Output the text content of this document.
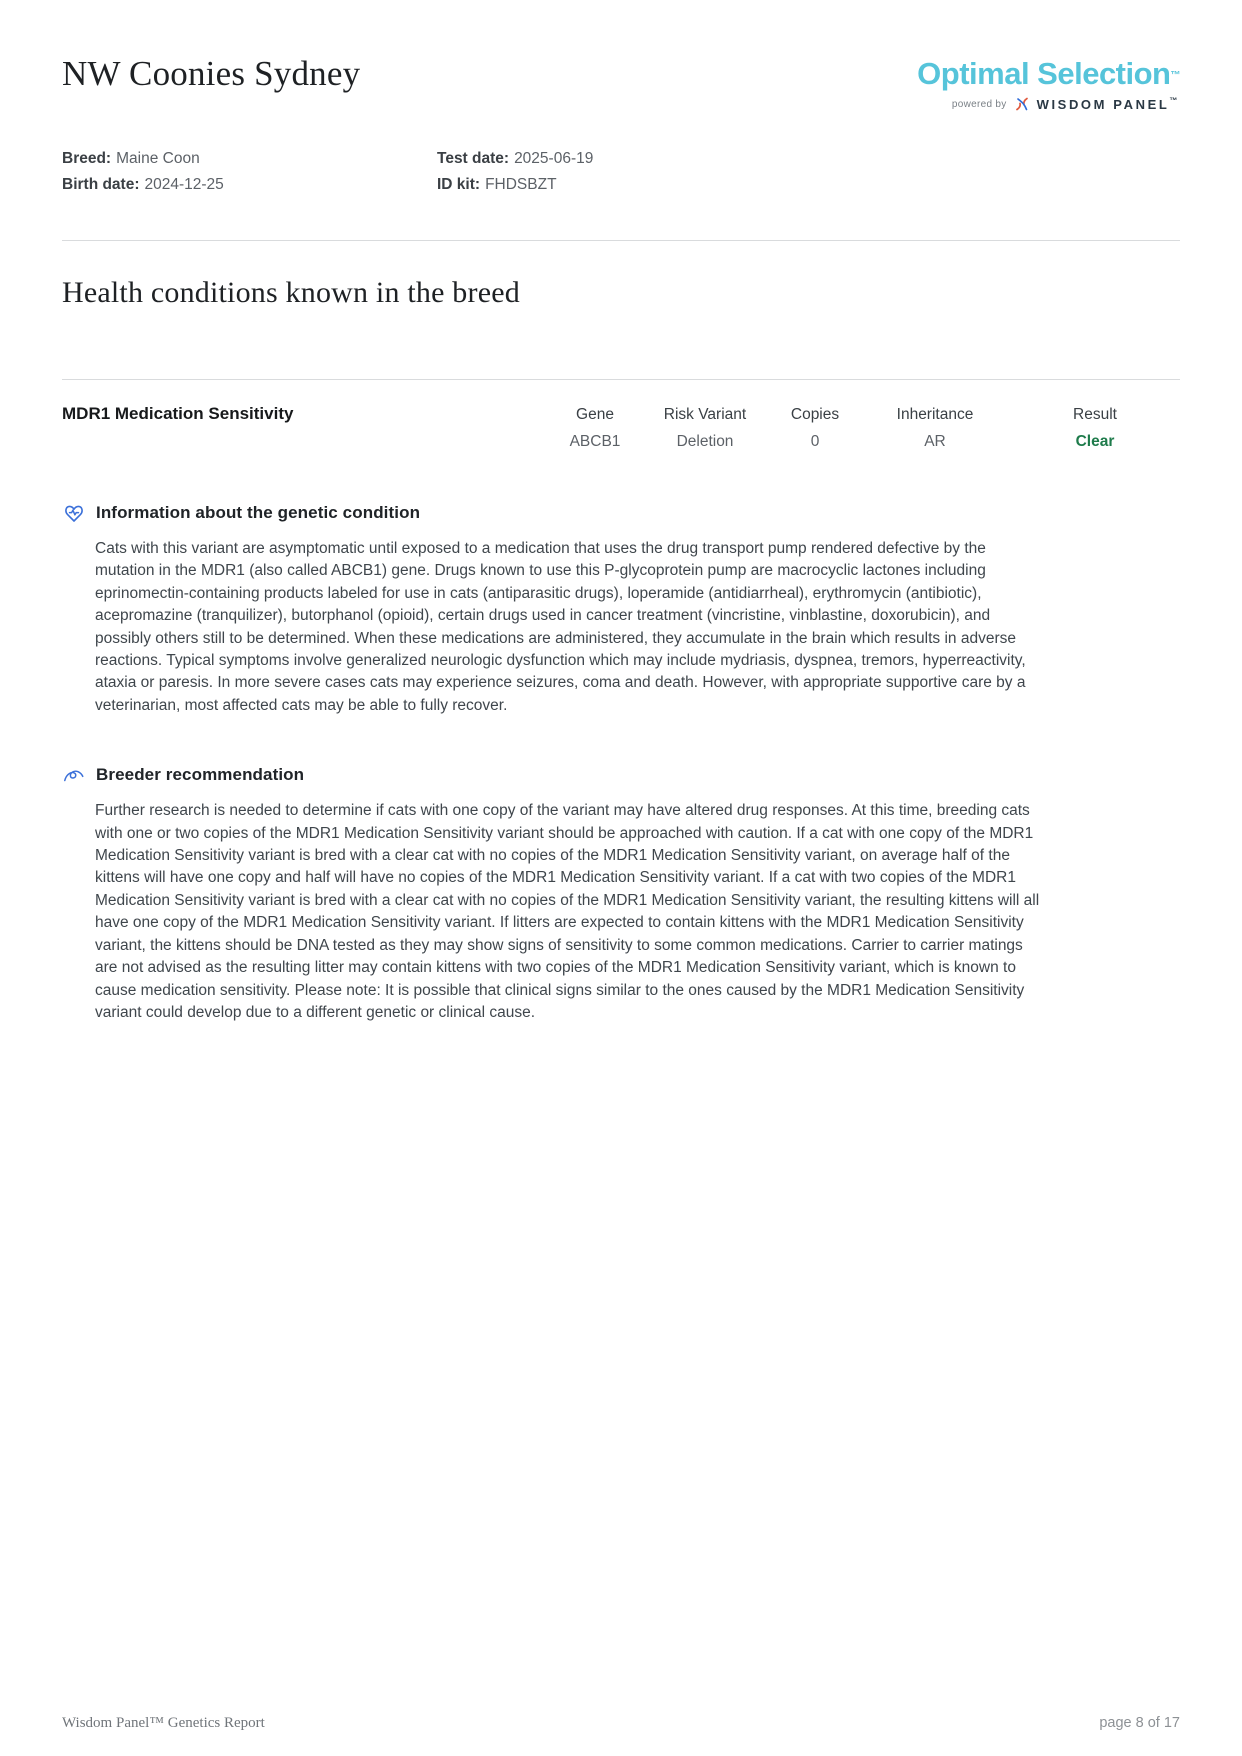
NW Coonies Sydney	Optimal Selection™
powered by WISDOM PANEL™
Breed: Maine Coon
Birth date: 2024-12-25
Test date: 2025-06-19
ID kit: FHDSBZT
Health conditions known in the breed
MDR1 Medication Sensitivity	Gene	Risk Variant	Copies	Inheritance	Result
ABCB1	Deletion	0	AR	Clear
Information about the genetic condition

Cats with this variant are asymptomatic until exposed to a medication that uses the drug transport pump rendered defective by the mutation in the MDR1 (also called ABCB1) gene. Drugs known to use this P-glycoprotein pump are macrocyclic lactones including eprinomectin-containing products labeled for use in cats (antiparasitic drugs), loperamide (antidiarrheal), erythromycin (antibiotic), acepromazine (tranquilizer), butorphanol (opioid), certain drugs used in cancer treatment (vincristine, vinblastine, doxorubicin), and possibly others still to be determined. When these medications are administered, they accumulate in the brain which results in adverse reactions. Typical symptoms involve generalized neurologic dysfunction which may include mydriasis, dyspnea, tremors, hyperreactivity, ataxia or paresis. In more severe cases cats may experience seizures, coma and death. However, with appropriate supportive care by a veterinarian, most affected cats may be able to fully recover.

Breeder recommendation

Further research is needed to determine if cats with one copy of the variant may have altered drug responses. At this time, breeding cats with one or two copies of the MDR1 Medication Sensitivity variant should be approached with caution. If a cat with one copy of the MDR1 Medication Sensitivity variant is bred with a clear cat with no copies of the MDR1 Medication Sensitivity variant, on average half of the kittens will have one copy and half will have no copies of the MDR1 Medication Sensitivity variant. If a cat with two copies of the MDR1 Medication Sensitivity variant is bred with a clear cat with no copies of the MDR1 Medication Sensitivity variant, the resulting kittens will all have one copy of the MDR1 Medication Sensitivity variant. If litters are expected to contain kittens with the MDR1 Medication Sensitivity variant, the kittens should be DNA tested as they may show signs of sensitivity to some common medications. Carrier to carrier matings are not advised as the resulting litter may contain kittens with two copies of the MDR1 Medication Sensitivity variant, which is known to cause medication sensitivity. Please note: It is possible that clinical signs similar to the ones caused by the MDR1 Medication Sensitivity variant could develop due to a different genetic or clinical cause.

Wisdom Panel™ Genetics Report	page 8 of 17
